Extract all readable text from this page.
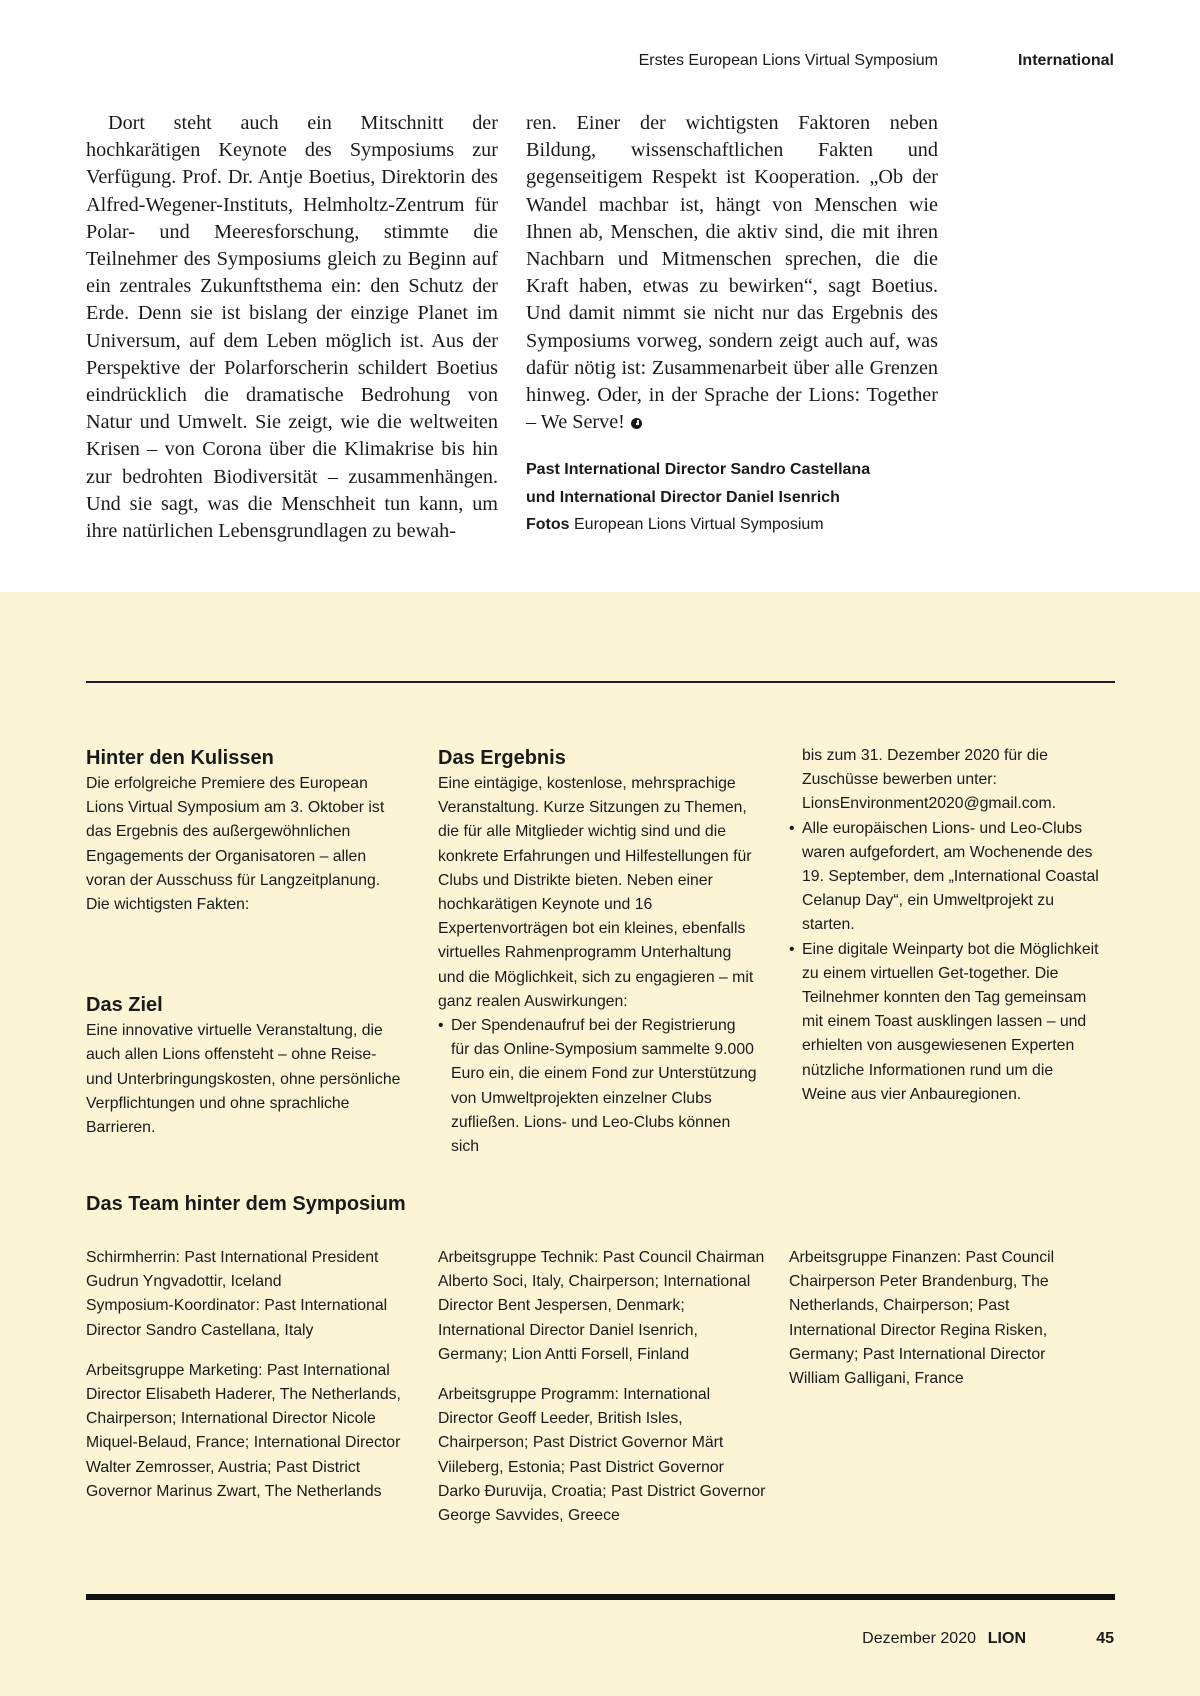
Erstes European Lions Virtual Symposium	International

Dort steht auch ein Mitschnitt der hochkarätigen Keynote des Symposiums zur Verfügung. Prof. Dr. Antje Boetius, Direktorin des Alfred-Wegener-Instituts, Helmholtz-Zentrum für Polar- und Meeresforschung, stimmte die Teilnehmer des Symposiums gleich zu Beginn auf ein zentrales Zukunftsthema ein: den Schutz der Erde. Denn sie ist bislang der einzige Planet im Universum, auf dem Leben möglich ist. Aus der Perspektive der Polarforscherin schildert Boetius eindrücklich die dramatische Bedrohung von Natur und Umwelt. Sie zeigt, wie die weltweiten Krisen – von Corona über die Klimakrise bis hin zur bedrohten Biodiversität – zusammenhängen. Und sie sagt, was die Menschheit tun kann, um ihre natürlichen Lebensgrundlagen zu bewah-

ren. Einer der wichtigsten Faktoren neben Bildung, wissenschaftlichen Fakten und gegenseitigem Respekt ist Kooperation. „Ob der Wandel machbar ist, hängt von Menschen wie Ihnen ab, Menschen, die aktiv sind, die mit ihren Nachbarn und Mitmenschen sprechen, die die Kraft haben, etwas zu bewirken“, sagt Boetius. Und damit nimmt sie nicht nur das Ergebnis des Symposiums vorweg, sondern zeigt auch auf, was dafür nötig ist: Zusammenarbeit über alle Grenzen hinweg. Oder, in der Sprache der Lions: Together – We Serve!

Past International Director Sandro Castellana
und International Director Daniel Isenrich
Fotos European Lions Virtual Symposium
Hinter den Kulissen

Die erfolgreiche Premiere des European Lions Virtual Symposium am 3. Oktober ist das Ergebnis des außergewöhnlichen Engagements der Organisatoren – allen voran der Ausschuss für Langzeitplanung.

Die wichtigsten Fakten:

Das Ziel

Eine innovative virtuelle Veranstaltung, die auch allen Lions offensteht – ohne Reise- und Unterbringungskosten, ohne persönliche Verpflichtungen und ohne sprachliche Barrieren.

Das Ergebnis

Eine eintägige, kostenlose, mehrsprachige Veranstaltung. Kurze Sitzungen zu Themen, die für alle Mitglieder wichtig sind und die konkrete Erfahrungen und Hilfestellungen für Clubs und Distrikte bieten. Neben einer hochkarätigen Keynote und 16 Expertenvorträgen bot ein kleines, ebenfalls virtuelles Rahmenprogramm Unterhaltung und die Möglichkeit, sich zu engagieren – mit ganz realen Auswirkungen:

• Der Spendenaufruf bei der Registrierung für das Online-Symposium sammelte 9.000 Euro ein, die einem Fond zur Unterstützung von Umweltprojekten einzelner Clubs zufließen. Lions- und Leo-Clubs können sich

bis zum 31. Dezember 2020 für die Zuschüsse bewerben unter: LionsEnvironment2020@gmail.com.

• Alle europäischen Lions- und Leo-Clubs waren aufgefordert, am Wochenende des 19. September, dem „International Coastal Celanup Day“, ein Umweltprojekt zu starten.
• Eine digitale Weinparty bot die Möglichkeit zu einem virtuellen Get-together. Die Teilnehmer konnten den Tag gemeinsam mit einem Toast ausklingen lassen – und erhielten von ausgewiesenen Experten nützliche Informationen rund um die Weine aus vier Anbauregionen.
Das Team hinter dem Symposium

Schirmherrin: Past International President Gudrun Yngvadottir, Iceland

Symposium-Koordinator: Past International Director Sandro Castellana, Italy

Arbeitsgruppe Marketing: Past International Director Elisabeth Haderer, The Netherlands, Chairperson; International Director Nicole Miquel-Belaud, France; International Director Walter Zemrosser, Austria; Past District Governor Marinus Zwart, The Netherlands

Arbeitsgruppe Technik: Past Council Chairman Alberto Soci, Italy, Chairperson; International Director Bent Jespersen, Denmark; International Director Daniel Isenrich, Germany; Lion Antti Forsell, Finland

Arbeitsgruppe Programm: International Director Geoff Leeder, British Isles, Chairperson; Past District Governor Märt Viileberg, Estonia; Past District Governor Darko Đuruvija, Croatia; Past District Governor George Savvides, Greece

Arbeitsgruppe Finanzen: Past Council Chairperson Peter Brandenburg, The Netherlands, Chairperson; Past International Director Regina Risken, Germany; Past International Director William Galligani, France

Dezember 2020 LION	45
